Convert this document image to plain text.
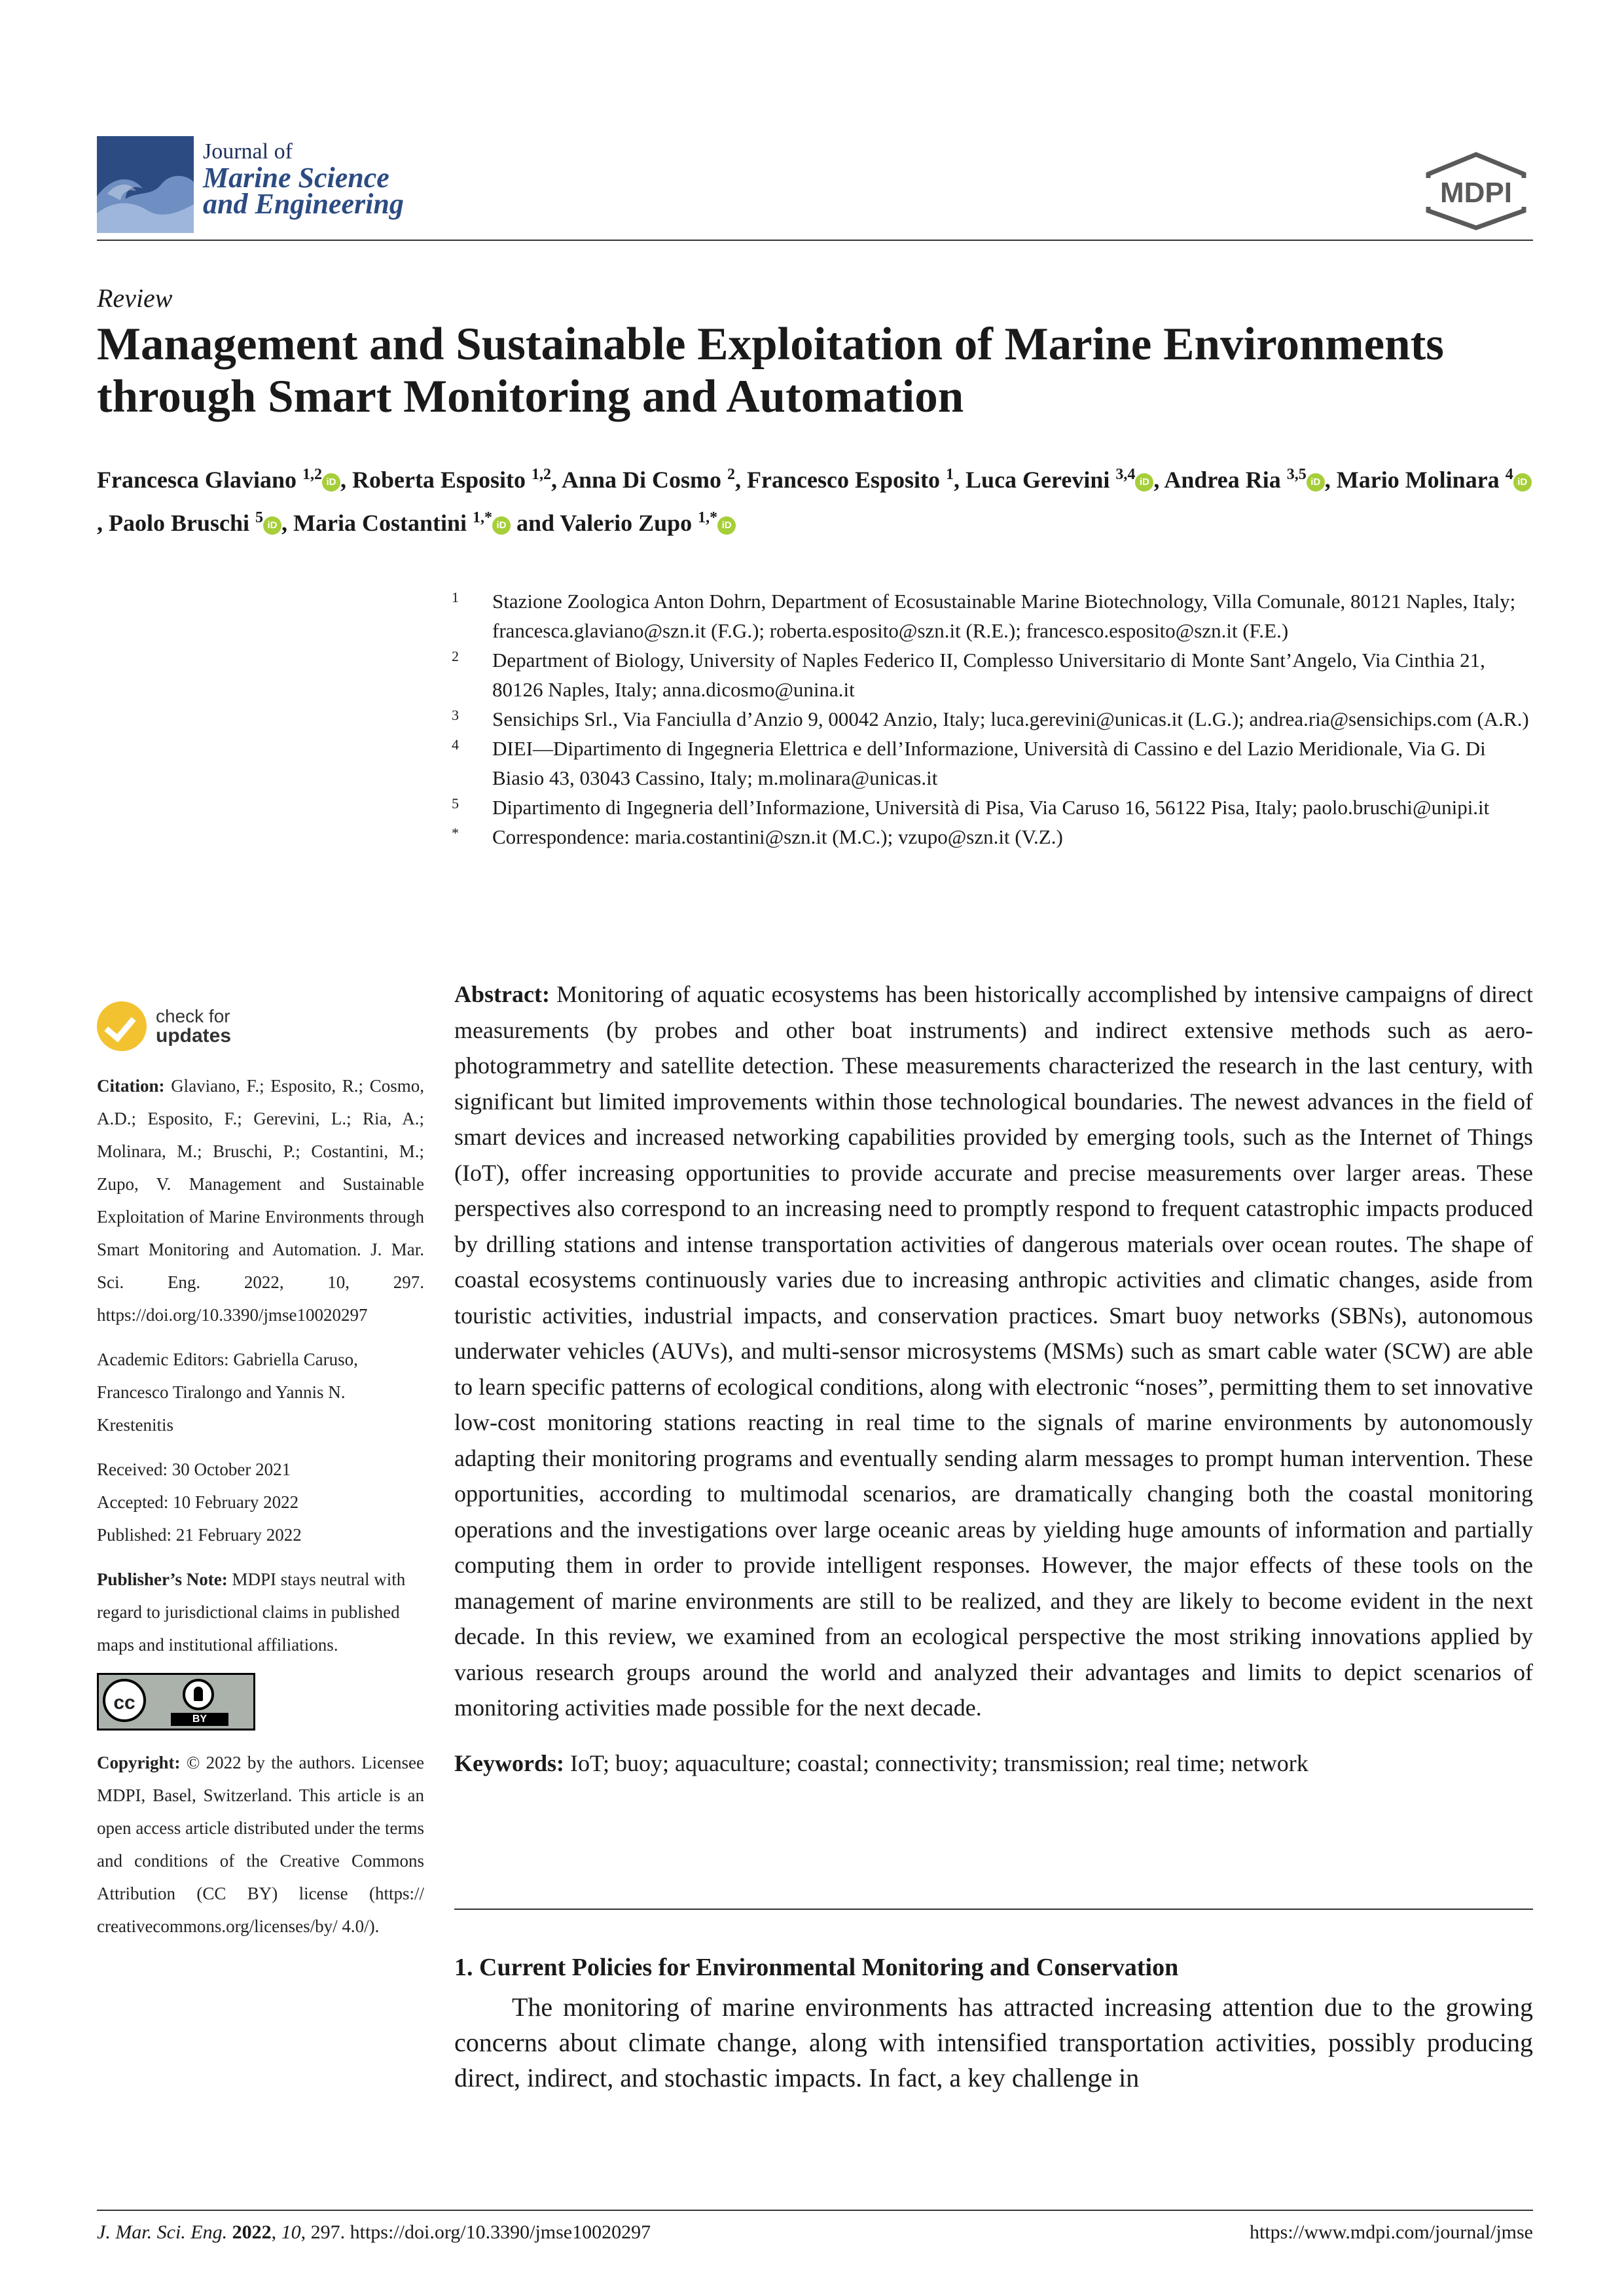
Journal of
Marine Science
and Engineering	MDPI
Review
Management and Sustainable Exploitation of Marine Environments through Smart Monitoring and Automation
Francesca Glaviano $^{1,2}$ iD , Roberta Esposito $^{1,2}$, Anna Di Cosmo $^2$, Francesco Esposito $^1$, Luca Gerevini $^{3,4}$ iD , Andrea Ria $^{3,5}$ iD , Mario Molinara $^4$ iD, Paolo Bruschi $^5$ iD , Maria Costantini $^{1,*}$ iD and Valerio Zupo $^{1,*}$ iD
1 Stazione Zoologica Anton Dohrn, Department of Ecosustainable Marine Biotechnology, Villa Comunale, 80121 Naples, Italy; francesca.glaviano@szn.it (F.G.); roberta.esposito@szn.it (R.E.); francesco.esposito@szn.it (F.E.)
2 Department of Biology, University of Naples Federico II, Complesso Universitario di Monte Sant’Angelo, Via Cinthia 21, 80126 Naples, Italy; anna.dicosmo@unina.it
3 Sensichips Srl., Via Fanciulla d’Anzio 9, 00042 Anzio, Italy; luca.gerevini@unicas.it (L.G.); andrea.ria@sensichips.com (A.R.)
4 DIEI—Dipartimento di Ingegneria Elettrica e dell’Informazione, Università di Cassino e del Lazio Meridionale, Via G. Di Biasio 43, 03043 Cassino, Italy; m.molinara@unicas.it
5 Dipartimento di Ingegneria dell’Informazione, Università di Pisa, Via Caruso 16, 56122 Pisa, Italy; paolo.bruschi@unipi.it
* Correspondence: maria.costantini@szn.it (M.C.); vzupo@szn.it (V.Z.)
check for
updates
Citation: Glaviano, F.; Esposito, R.; Cosmo, A.D.; Esposito, F.; Gerevini, L.; Ria, A.; Molinara, M.; Bruschi, P.; Costantini, M.; Zupo, V. Management and Sustainable Exploitation of Marine Environments through Smart Monitoring and Automation. J. Mar. Sci. Eng. 2022, 10, 297. https://doi.org/10.3390/jmse10020297
Academic Editors: Gabriella Caruso, Francesco Tiralongo and Yannis N. Krestenitis
Received: 30 October 2021
Accepted: 10 February 2022
Published: 21 February 2022
Publisher’s Note: MDPI stays neutral with regard to jurisdictional claims in published maps and institutional affiliations.
cc
BY
Copyright: © 2022 by the authors. Licensee MDPI, Basel, Switzerland. This article is an open access article distributed under the terms and conditions of the Creative Commons Attribution (CC BY) license (https:// creativecommons.org/licenses/by/ 4.0/).
Abstract: Monitoring of aquatic ecosystems has been historically accomplished by intensive campaigns of direct measurements (by probes and other boat instruments) and indirect extensive methods such as aero-photogrammetry and satellite detection. These measurements characterized the research in the last century, with significant but limited improvements within those technological boundaries. The newest advances in the field of smart devices and increased networking capabilities provided by emerging tools, such as the Internet of Things (IoT), offer increasing opportunities to provide accurate and precise measurements over larger areas. These perspectives also correspond to an increasing need to promptly respond to frequent catastrophic impacts produced by drilling stations and intense transportation activities of dangerous materials over ocean routes. The shape of coastal ecosystems continuously varies due to increasing anthropic activities and climatic changes, aside from touristic activities, industrial impacts, and conservation practices. Smart buoy networks (SBNs), autonomous underwater vehicles (AUVs), and multi-sensor microsystems (MSMs) such as smart cable water (SCW) are able to learn specific patterns of ecological conditions, along with electronic “noses”, permitting them to set innovative low-cost monitoring stations reacting in real time to the signals of marine environments by autonomously adapting their monitoring programs and eventually sending alarm messages to prompt human intervention. These opportunities, according to multimodal scenarios, are dramatically changing both the coastal monitoring operations and the investigations over large oceanic areas by yielding huge amounts of information and partially computing them in order to provide intelligent responses. However, the major effects of these tools on the management of marine environments are still to be realized, and they are likely to become evident in the next decade. In this review, we examined from an ecological perspective the most striking innovations applied by various research groups around the world and analyzed their advantages and limits to depict scenarios of monitoring activities made possible for the next decade.
Keywords: IoT; buoy; aquaculture; coastal; connectivity; transmission; real time; network
1. Current Policies for Environmental Monitoring and Conservation
The monitoring of marine environments has attracted increasing attention due to the growing concerns about climate change, along with intensified transportation activities, possibly producing direct, indirect, and stochastic impacts. In fact, a key challenge in
J. Mar. Sci. Eng. 2022, 10, 297. https://doi.org/10.3390/jmse10020297	https://www.mdpi.com/journal/jmse
